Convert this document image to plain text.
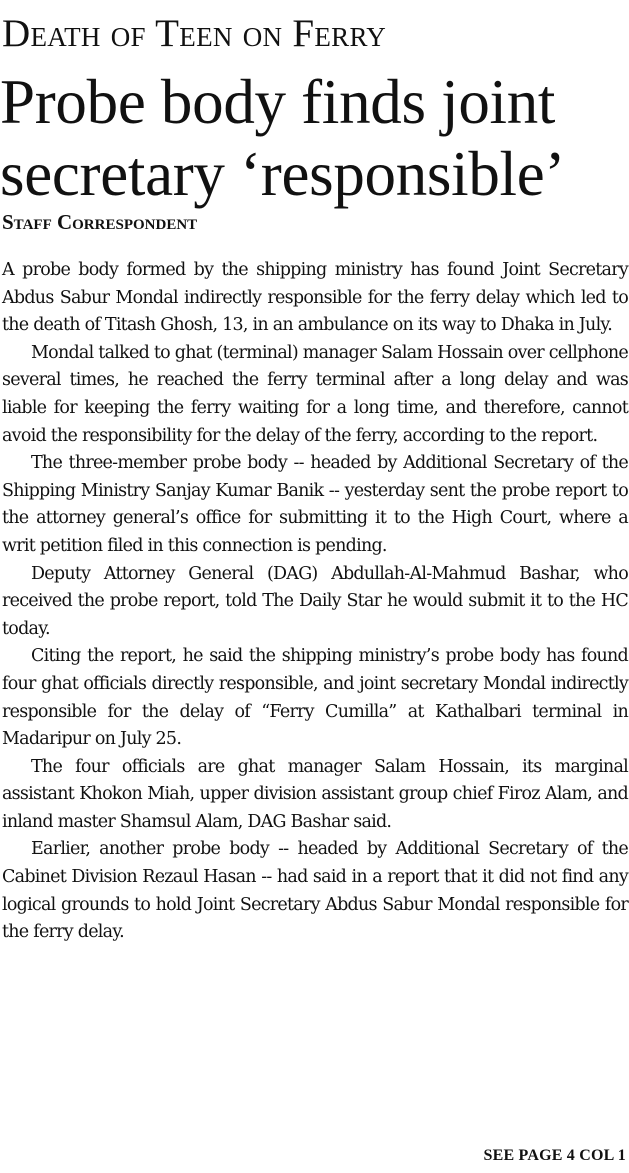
Death of Teen on Ferry
Probe body finds joint secretary ‘responsible’
Staff Correspondent

A probe body formed by the shipping ministry has found Joint Secretary Abdus Sabur Mondal indirectly responsible for the ferry delay which led to the death of Titash Ghosh, 13, in an ambulance on its way to Dhaka in July.

Mondal talked to ghat (terminal) manager Salam Hossain over cellphone several times, he reached the ferry terminal after a long delay and was liable for keeping the ferry waiting for a long time, and therefore, cannot avoid the responsibility for the delay of the ferry, according to the report.

The three-member probe body -- headed by Additional Secretary of the Shipping Ministry Sanjay Kumar Banik -- yesterday sent the probe report to the attorney general’s office for submitting it to the High Court, where a writ petition filed in this connection is pending.

Deputy Attorney General (DAG) Abdullah-Al-Mahmud Bashar, who received the probe report, told The Daily Star he would submit it to the HC today.

Citing the report, he said the shipping ministry’s probe body has found four ghat officials directly responsible, and joint secretary Mondal indirectly responsible for the delay of “Ferry Cumilla” at Kathalbari terminal in Madaripur on July 25.

The four officials are ghat manager Salam Hossain, its marginal assistant Khokon Miah, upper division assistant group chief Firoz Alam, and inland master Shamsul Alam, DAG Bashar said.

Earlier, another probe body -- headed by Additional Secretary of the Cabinet Division Rezaul Hasan -- had said in a report that it did not find any logical grounds to hold Joint Secretary Abdus Sabur Mondal responsible for the ferry delay.

SEE PAGE 4 COL 1
